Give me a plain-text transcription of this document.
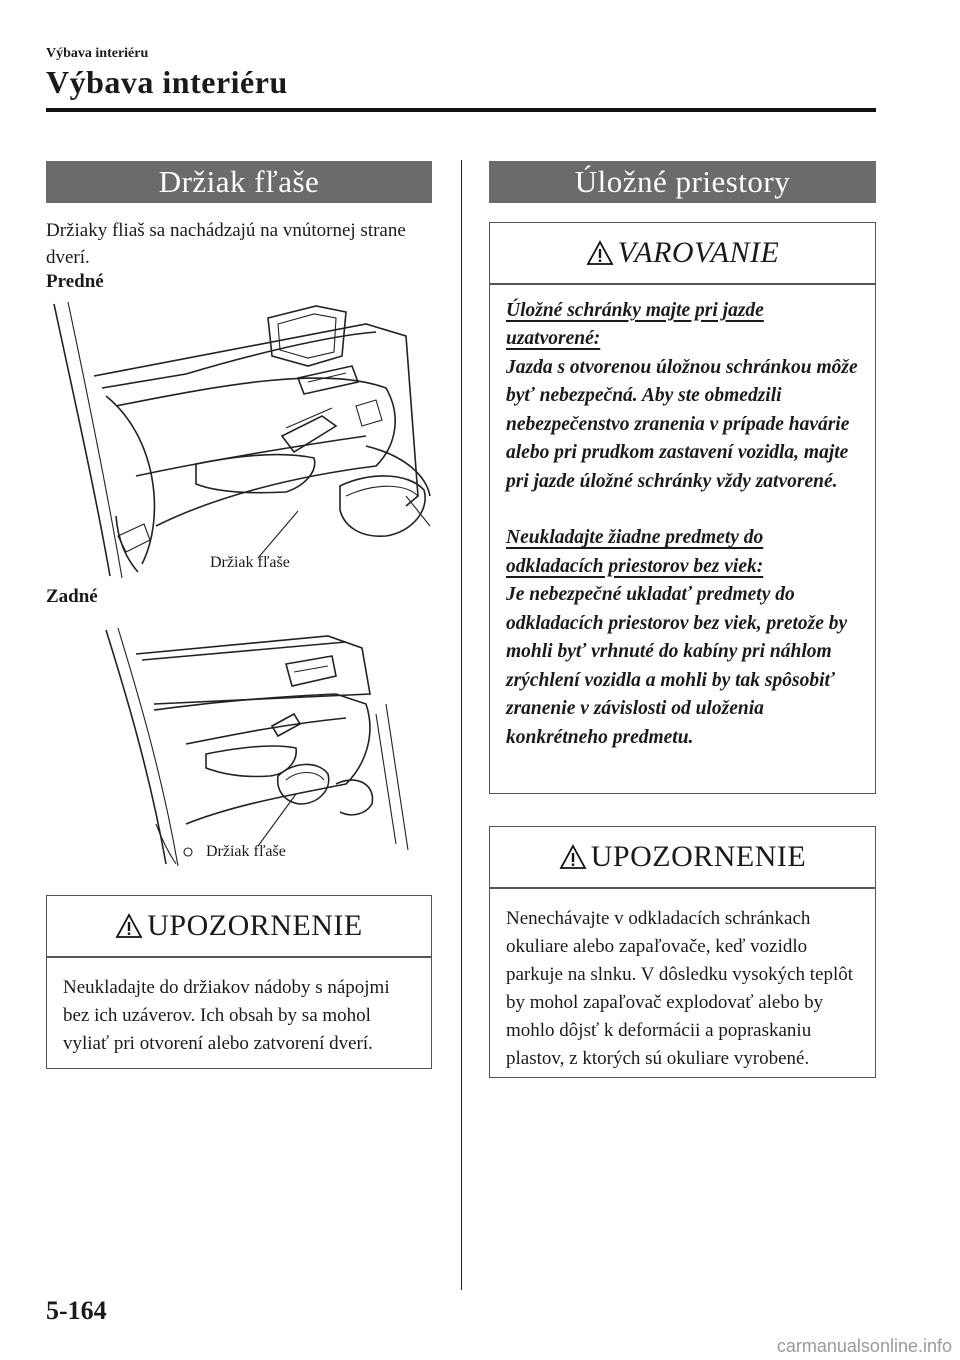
Výbava interiéru
Výbava interiéru
Držiak fľaše
Držiaky fliaš sa nachádzajú na vnútornej strane dverí.
Predné
Držiak fľaše
Zadné
Držiak fľaše
UPOZORNENIE
Neukladajte do držiakov nádoby s nápojmi bez ich uzáverov. Ich obsah by sa mohol vyliať pri otvorení alebo zatvorení dverí.
Úložné priestory
VAROVANIE
Úložné schránky majte pri jazde uzatvorené:
Jazda s otvorenou úložnou schránkou môže byť nebezpečná. Aby ste obmedzili nebezpečenstvo zranenia v prípade havárie alebo pri prudkom zastavení vozidla, majte pri jazde úložné schránky vždy zatvorené.
Neukladajte žiadne predmety do odkladacích priestorov bez viek:
Je nebezpečné ukladať predmety do odkladacích priestorov bez viek, pretože by mohli byť vrhnuté do kabíny pri náhlom zrýchlení vozidla a mohli by tak spôsobiť zranenie v závislosti od uloženia konkrétneho predmetu.
UPOZORNENIE
Nenechávajte v odkladacích schránkach okuliare alebo zapaľovače, keď vozidlo parkuje na slnku. V dôsledku vysokých teplôt by mohol zapaľovač explodovať alebo by mohlo dôjsť k deformácii a popraskaniu plastov, z ktorých sú okuliare vyrobené.
5-164
carmanualsonline.info
